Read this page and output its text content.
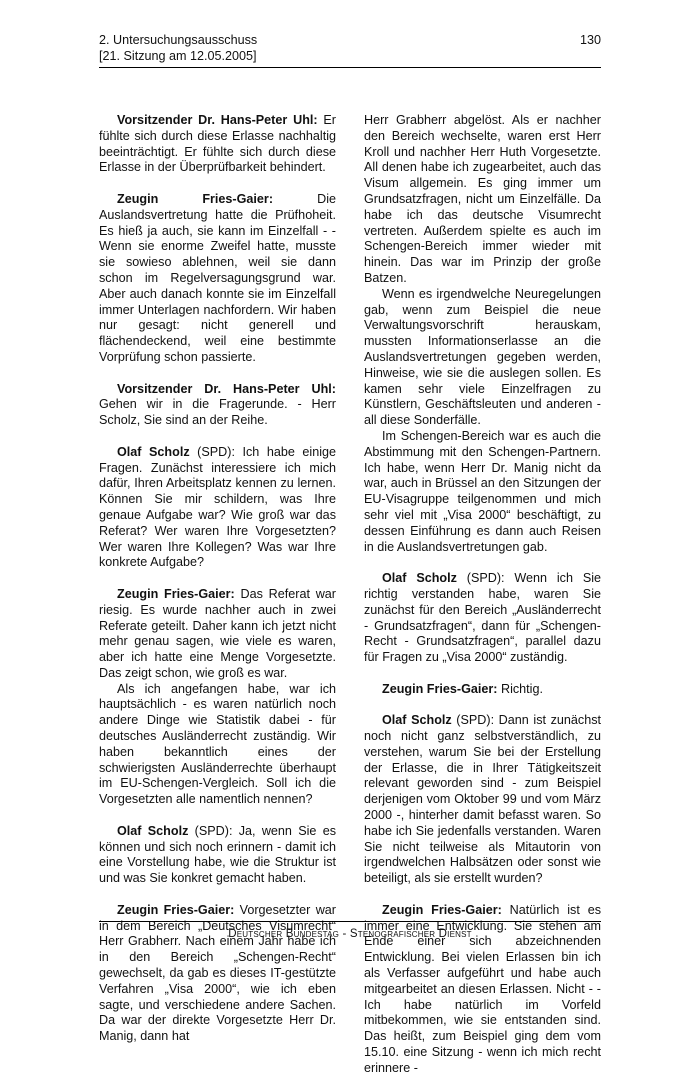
2. Untersuchungsausschuss
[21. Sitzung am 12.05.2005]
130

Vorsitzender Dr. Hans-Peter Uhl: Er fühlte sich durch diese Erlasse nachhaltig beeinträchtigt. Er fühlte sich durch diese Erlasse in der Überprüfbarkeit behindert.

Zeugin Fries-Gaier: Die Auslandsvertretung hatte die Prüfhoheit. Es hieß ja auch, sie kann im Einzelfall - - Wenn sie enorme Zweifel hatte, musste sie sowieso ablehnen, weil sie dann schon im Regelversagungsgrund war. Aber auch danach konnte sie im Einzelfall immer Unterlagen nachfordern. Wir haben nur gesagt: nicht generell und flächendeckend, weil eine bestimmte Vorprüfung schon passierte.

Vorsitzender Dr. Hans-Peter Uhl: Gehen wir in die Fragerunde. - Herr Scholz, Sie sind an der Reihe.

Olaf Scholz (SPD): Ich habe einige Fragen. Zunächst interessiere ich mich dafür, Ihren Arbeitsplatz kennen zu lernen. Können Sie mir schildern, was Ihre genaue Aufgabe war? Wie groß war das Referat? Wer waren Ihre Vorgesetzten? Wer waren Ihre Kollegen? Was war Ihre konkrete Aufgabe?

Zeugin Fries-Gaier: Das Referat war riesig. Es wurde nachher auch in zwei Referate geteilt. Daher kann ich jetzt nicht mehr genau sagen, wie viele es waren, aber ich hatte eine Menge Vorgesetzte. Das zeigt schon, wie groß es war.

Als ich angefangen habe, war ich hauptsächlich - es waren natürlich noch andere Dinge wie Statistik dabei - für deutsches Ausländerrecht zuständig. Wir haben bekanntlich eines der schwierigsten Ausländerrechte überhaupt im EU-Schengen-Vergleich. Soll ich die Vorgesetzten alle namentlich nennen?

Olaf Scholz (SPD): Ja, wenn Sie es können und sich noch erinnern - damit ich eine Vorstellung habe, wie die Struktur ist und was Sie konkret gemacht haben.

Zeugin Fries-Gaier: Vorgesetzter war in dem Bereich „Deutsches Visumrecht“ Herr Grabherr. Nach einem Jahr habe ich in den Bereich „Schengen-Recht“ gewechselt, da gab es dieses IT-gestützte Verfahren „Visa 2000“, wie ich eben sagte, und verschiedene andere Sachen. Da war der direkte Vorgesetzte Herr Dr. Manig, dann hat

Herr Grabherr abgelöst. Als er nachher den Bereich wechselte, waren erst Herr Kroll und nachher Herr Huth Vorgesetzte. All denen habe ich zugearbeitet, auch das Visum allgemein. Es ging immer um Grundsatzfragen, nicht um Einzelfälle. Da habe ich das deutsche Visumrecht vertreten. Außerdem spielte es auch im Schengen-Bereich immer wieder mit hinein. Das war im Prinzip der große Batzen.

Wenn es irgendwelche Neuregelungen gab, wenn zum Beispiel die neue Verwaltungsvorschrift herauskam, mussten Informationserlasse an die Auslandsvertretungen gegeben werden, Hinweise, wie sie die auslegen sollen. Es kamen sehr viele Einzelfragen zu Künstlern, Geschäftsleuten und anderen - all diese Sonderfälle.

Im Schengen-Bereich war es auch die Abstimmung mit den Schengen-Partnern. Ich habe, wenn Herr Dr. Manig nicht da war, auch in Brüssel an den Sitzungen der EU-Visagruppe teilgenommen und mich sehr viel mit „Visa 2000“ beschäftigt, zu dessen Einführung es dann auch Reisen in die Auslandsvertretungen gab.

Olaf Scholz (SPD): Wenn ich Sie richtig verstanden habe, waren Sie zunächst für den Bereich „Ausländerrecht - Grundsatzfragen“, dann für „Schengen-Recht - Grundsatzfragen“, parallel dazu für Fragen zu „Visa 2000“ zuständig.

Zeugin Fries-Gaier: Richtig.

Olaf Scholz (SPD): Dann ist zunächst noch nicht ganz selbstverständlich, zu verstehen, warum Sie bei der Erstellung der Erlasse, die in Ihrer Tätigkeitszeit relevant geworden sind - zum Beispiel derjenigen vom Oktober 99 und vom März 2000 -, hinterher damit befasst waren. So habe ich Sie jedenfalls verstanden. Waren Sie nicht teilweise als Mitautorin von irgendwelchen Halbsätzen oder sonst wie beteiligt, als sie erstellt wurden?

Zeugin Fries-Gaier: Natürlich ist es immer eine Entwicklung. Sie stehen am Ende einer sich abzeichnenden Entwicklung. Bei vielen Erlassen bin ich als Verfasser aufgeführt und habe auch mitgearbeitet an diesen Erlassen. Nicht - - Ich habe natürlich im Vorfeld mitbekommen, wie sie entstanden sind. Das heißt, zum Beispiel ging dem vom 15.10. eine Sitzung - wenn ich mich recht erinnere -

Deutscher Bundestag - Stenografischer Dienst
